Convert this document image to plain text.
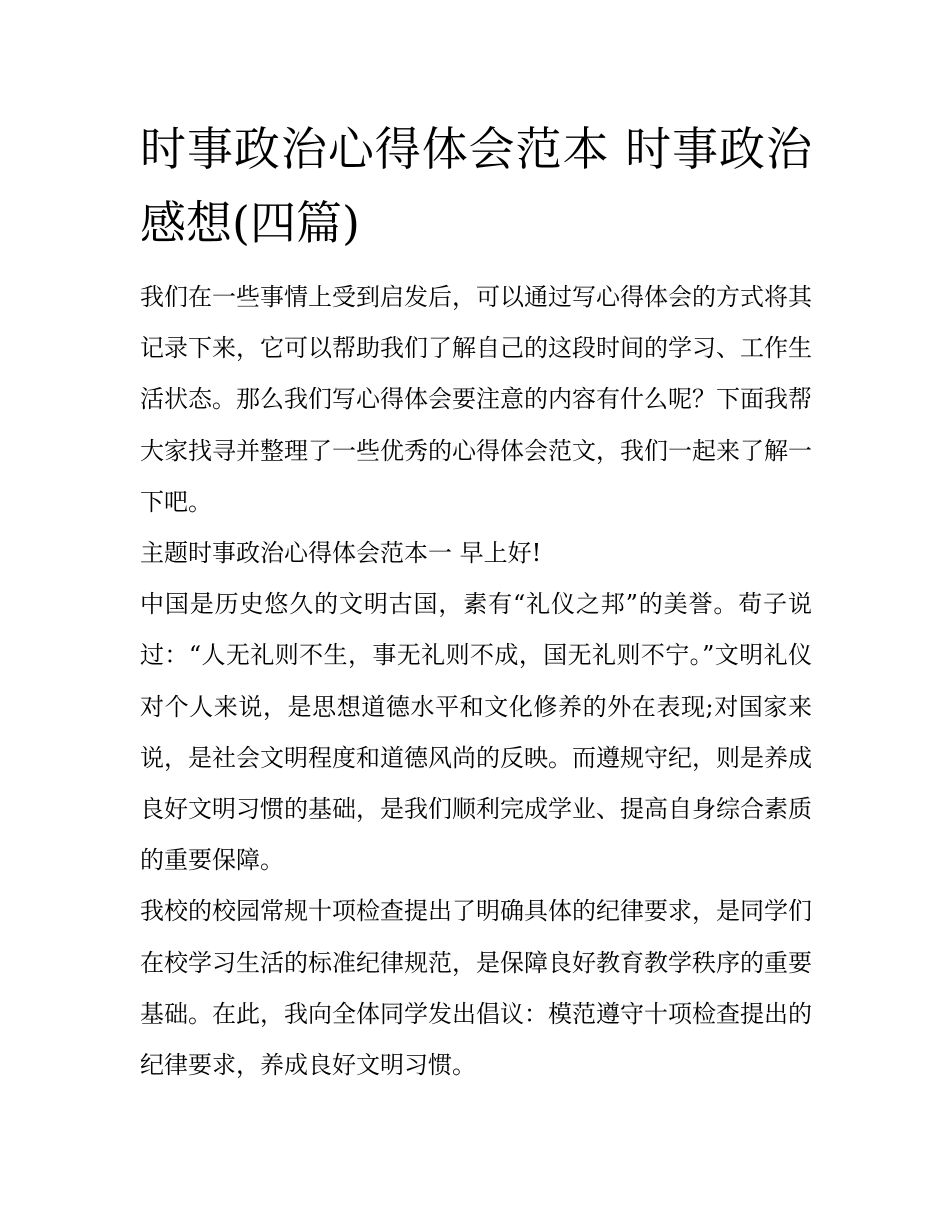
时事政治心得体会范本 时事政治感想(四篇)

我们在一些事情上受到启发后，可以通过写心得体会的方式将其记录下来，它可以帮助我们了解自己的这段时间的学习、工作生活状态。那么我们写心得体会要注意的内容有什么呢？下面我帮大家找寻并整理了一些优秀的心得体会范文，我们一起来了解一下吧。

主题时事政治心得体会范本一 早上好!

中国是历史悠久的文明古国，素有“礼仪之邦”的美誉。荀子说过：“人无礼则不生，事无礼则不成，国无礼则不宁。”文明礼仪对个人来说，是思想道德水平和文化修养的外在表现;对国家来说，是社会文明程度和道德风尚的反映。而遵规守纪，则是养成良好文明习惯的基础，是我们顺利完成学业、提高自身综合素质的重要保障。

我校的校园常规十项检查提出了明确具体的纪律要求，是同学们在校学习生活的标准纪律规范，是保障良好教育教学秩序的重要基础。在此，我向全体同学发出倡议：模范遵守十项检查提出的纪律要求，养成良好文明习惯。
